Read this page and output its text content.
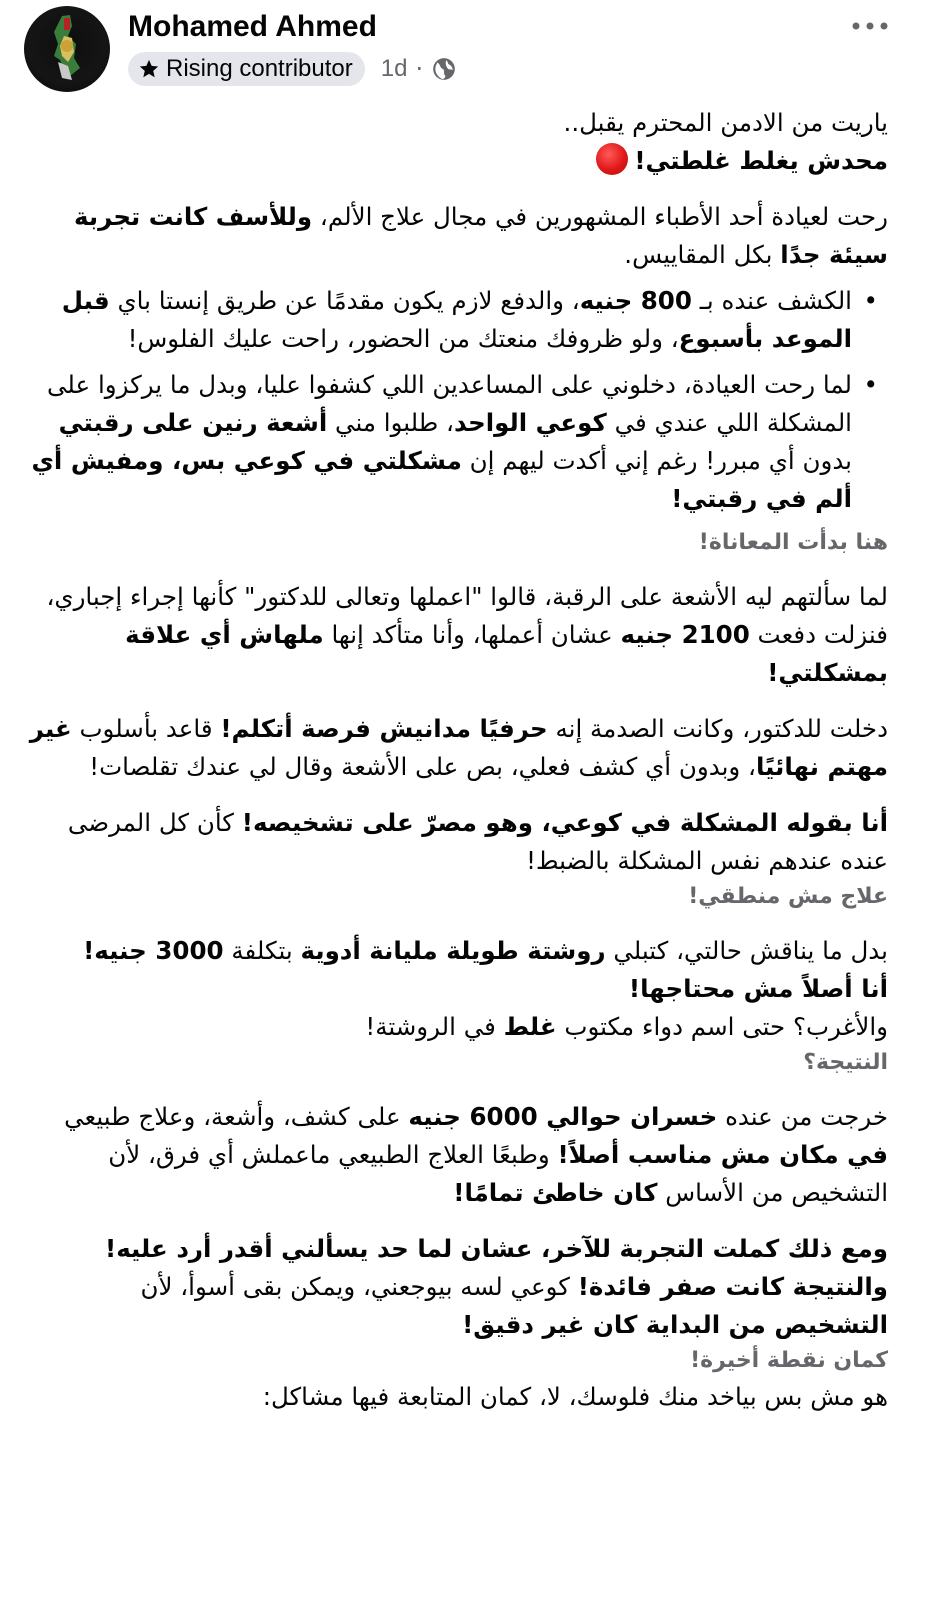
Mohamed Ahmed
Rising contributor 1d ·

ياريت من الادمن المحترم يقبل..

محدش يغلط غلطتي!

رحت لعيادة أحد الأطباء المشهورين في مجال علاج الألم، وللأسف كانت تجربة سيئة جدًا بكل المقاييس.

• الكشف عنده بـ 800 جنيه، والدفع لازم يكون مقدمًا عن طريق إنستا باي قبل الموعد بأسبوع، ولو ظروفك منعتك من الحضور، راحت عليك الفلوس!
• لما رحت العيادة، دخلوني على المساعدين اللي كشفوا عليا، وبدل ما يركزوا على المشكلة اللي عندي في كوعي الواحد، طلبوا مني أشعة رنين على رقبتي بدون أي مبرر! رغم إني أكدت ليهم إن مشكلتي في كوعي بس، ومفيش أي ألم في رقبتي!

هنا بدأت المعاناة!

لما سألتهم ليه الأشعة على الرقبة، قالوا "اعملها وتعالى للدكتور" كأنها إجراء إجباري، فنزلت دفعت 2100 جنيه عشان أعملها، وأنا متأكد إنها ملهاش أي علاقة بمشكلتي!

دخلت للدكتور، وكانت الصدمة إنه حرفيًا مدانيش فرصة أتكلم! قاعد بأسلوب غير مهتم نهائيًا، وبدون أي كشف فعلي، بص على الأشعة وقال لي عندك تقلصات!

أنا بقوله المشكلة في كوعي، وهو مصرّ على تشخيصه! كأن كل المرضى عنده عندهم نفس المشكلة بالضبط!

علاج مش منطقي!

بدل ما يناقش حالتي، كتبلي روشتة طويلة مليانة أدوية بتكلفة 3000 جنيه!

أنا أصلاً مش محتاجها!

والأغرب؟ حتى اسم دواء مكتوب غلط في الروشتة!

النتيجة؟

خرجت من عنده خسران حوالي 6000 جنيه على كشف، وأشعة، وعلاج طبيعي في مكان مش مناسب أصلاً! وطبعًا العلاج الطبيعي ماعملش أي فرق، لأن التشخيص من الأساس كان خاطئ تمامًا!

ومع ذلك كملت التجربة للآخر، عشان لما حد يسألني أقدر أرد عليه!

والنتيجة كانت صفر فائدة! كوعي لسه بيوجعني، ويمكن بقى أسوأ، لأن التشخيص من البداية كان غير دقيق!

كمان نقطة أخيرة!

هو مش بس بياخد منك فلوسك، لا، كمان المتابعة فيها مشاكل:
